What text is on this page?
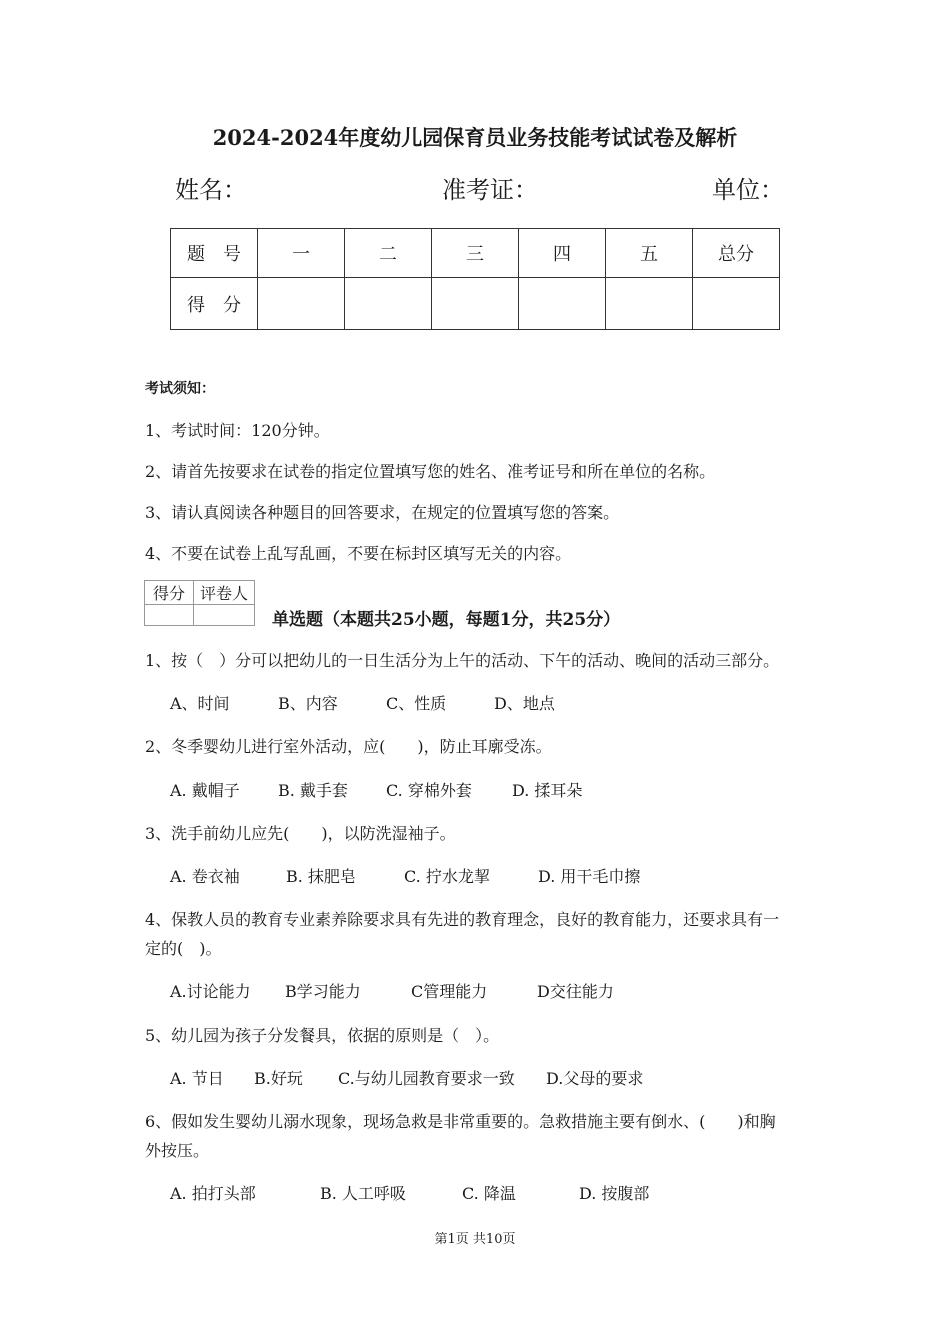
2024-2024年度幼儿园保育员业务技能考试试卷及解析
姓名：	准考证：	单位：
题　号	一	二	三	四	五	总分
得　分						
考试须知：
1、考试时间：120分钟。
2、请首先按要求在试卷的指定位置填写您的姓名、准考证号和所在单位的名称。
3、请认真阅读各种题目的回答要求，在规定的位置填写您的答案。
4、不要在试卷上乱写乱画，不要在标封区填写无关的内容。
得分	评卷人

单选题（本题共25小题，每题1分，共25分）
1、按（　）分可以把幼儿的一日生活分为上午的活动、下午的活动、晚间的活动三部分。
A、时间	B、内容	C、性质	D、地点
2、冬季婴幼儿进行室外活动，应(　　)，防止耳廓受冻。
A. 戴帽子 B. 戴手套 C. 穿棉外套	D. 揉耳朵
3、洗手前幼儿应先(　　)，以防洗湿袖子。
A. 卷衣袖	B. 抹肥皂	C. 拧水龙挈	D. 用干毛巾擦
4、保教人员的教育专业素养除要求具有先进的教育理念，良好的教育能力，还要求具有一
定的(　)。
A.讨论能力 B学习能力	C管理能力	D交往能力
5、幼儿园为孩子分发餐具，依据的原则是（　）。
A. 节日 B.好玩 C.与幼儿园教育要求一致 D.父母的要求
6、假如发生婴幼儿溺水现象，现场急救是非常重要的。急救措施主要有倒水、(　　)和胸
外按压。
A. 拍打头部	B. 人工呼吸	C. 降温	D. 按腹部
第1页 共10页
